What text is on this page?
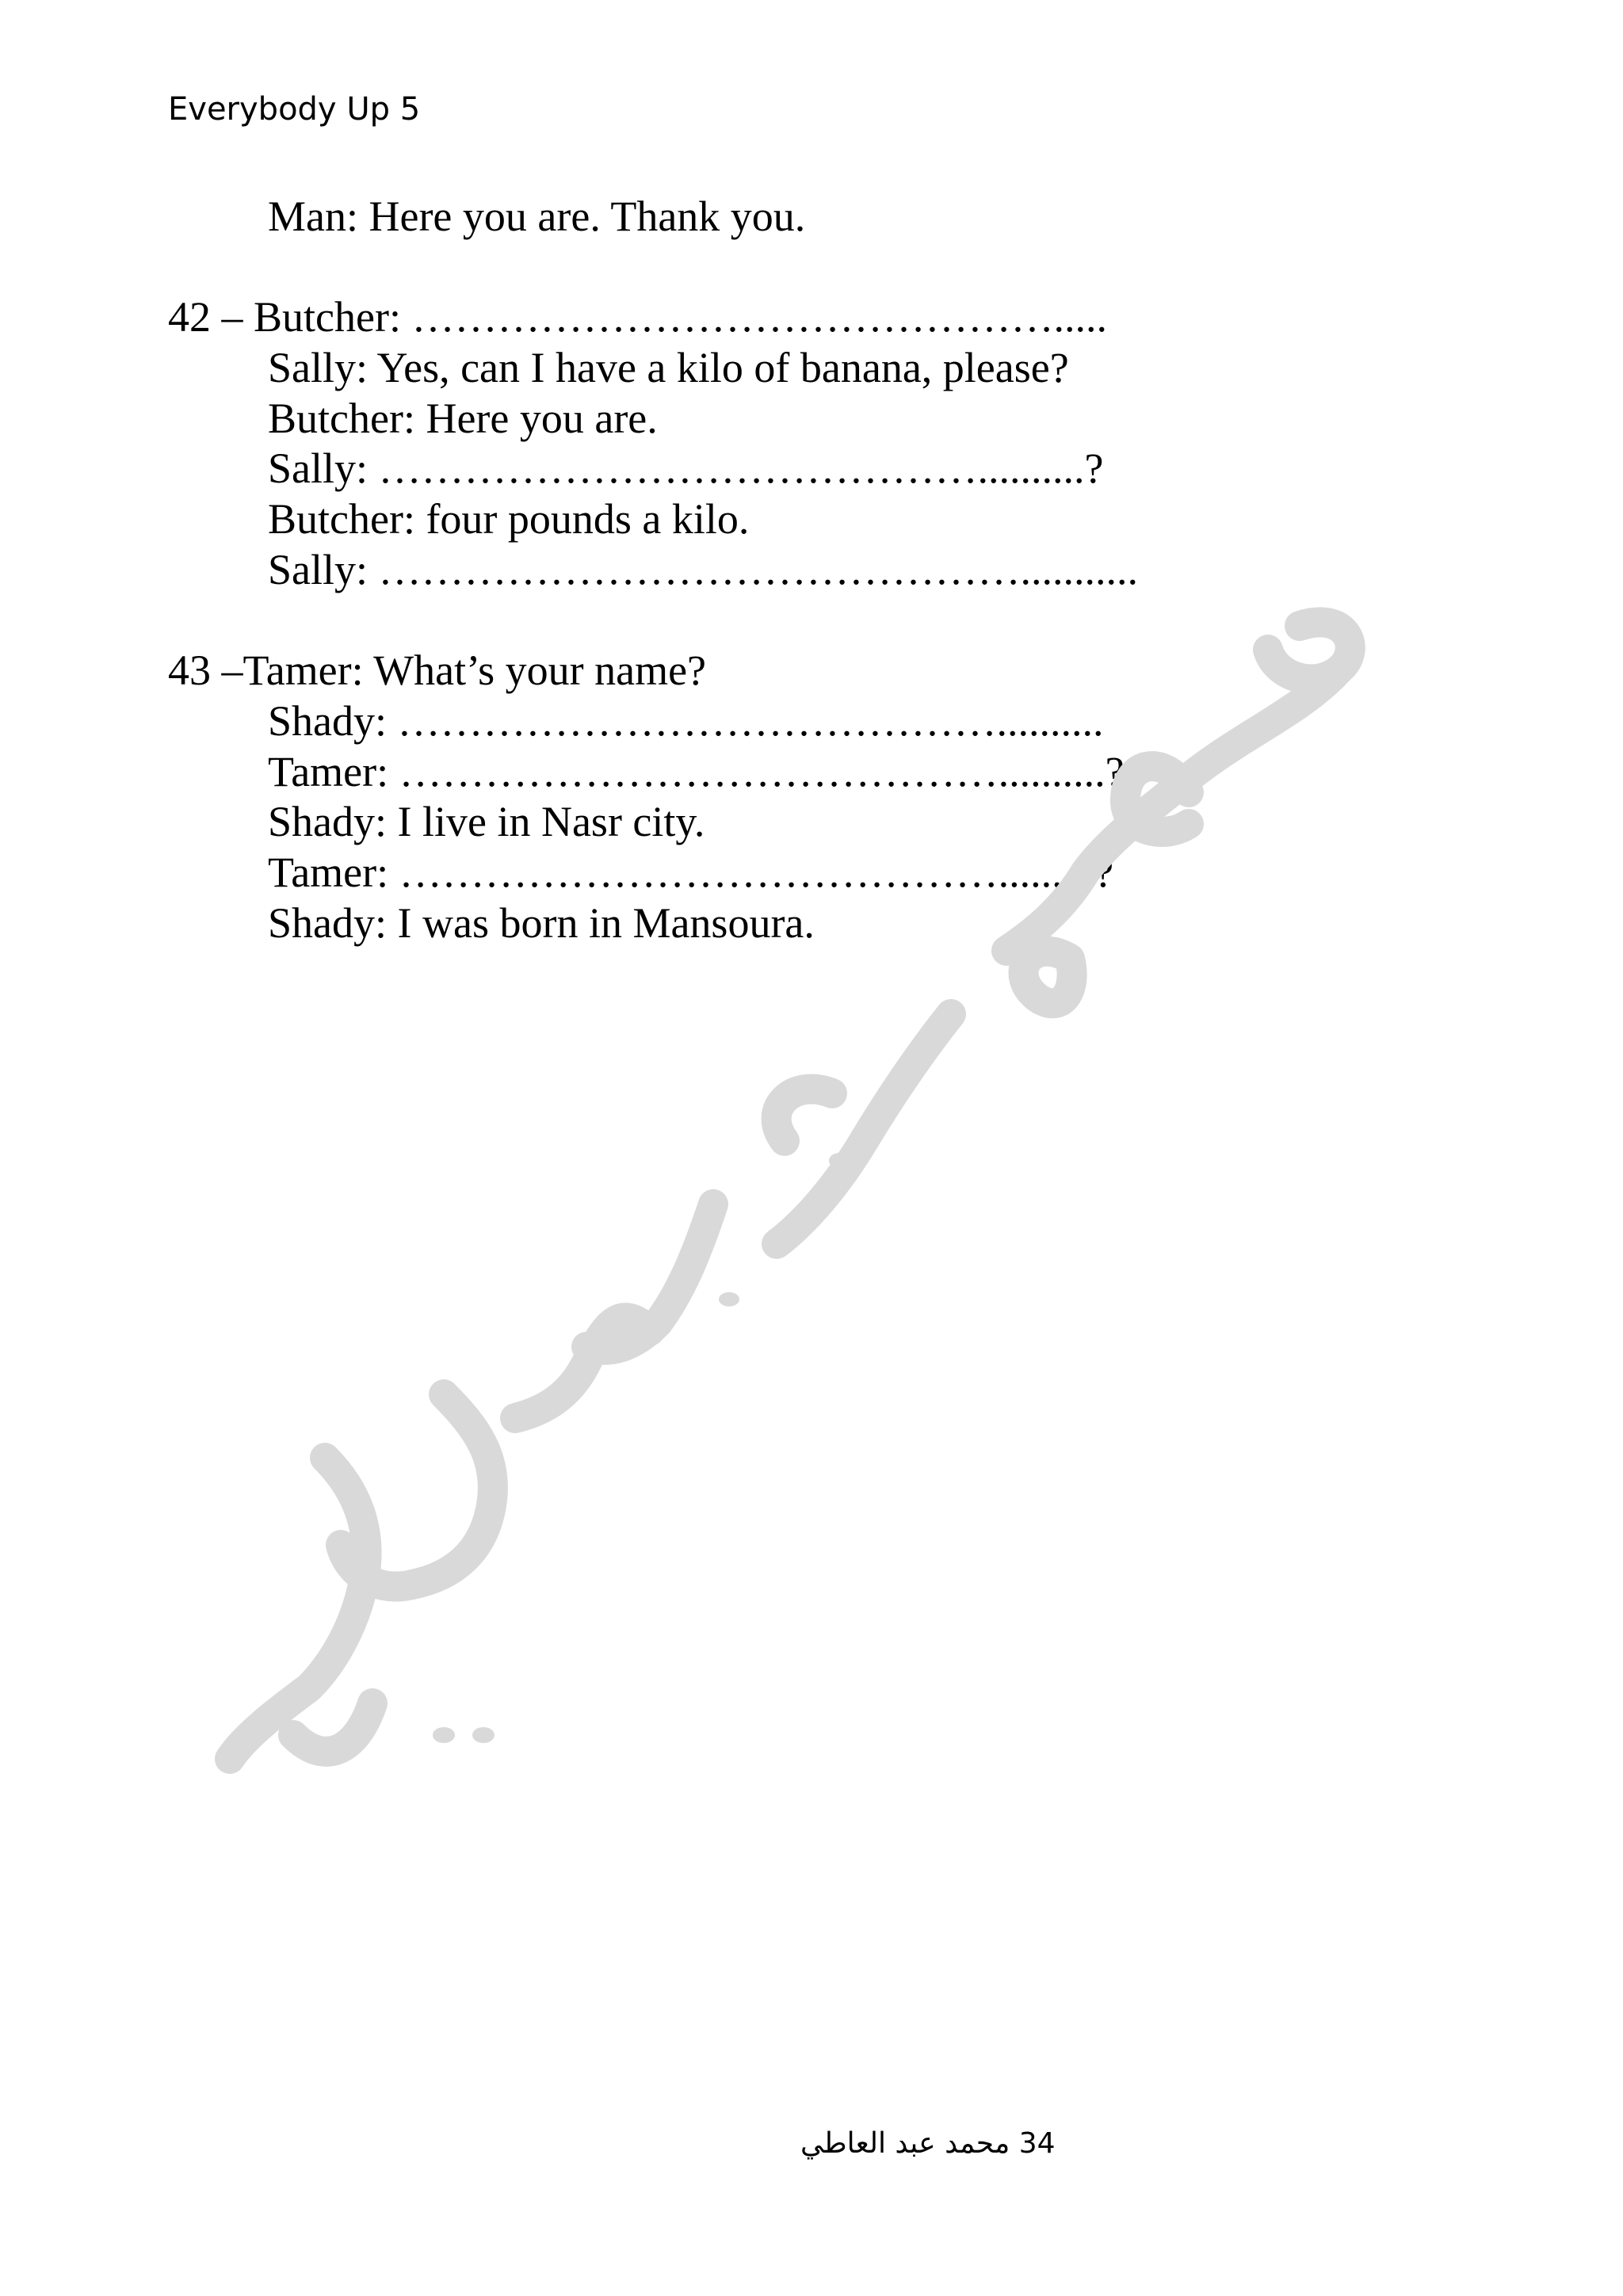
Everybody Up 5
Man: Here you are. Thank you.
42 – Butcher: ……………………………………….....
Sally: Yes, can I have a kilo of banana, please?
Butcher: Here you are.
Sally: ……………………………………..........?
Butcher: four pounds a kilo.
Sally: ………………………………………...........
43 –Tamer: What’s your name?
Shady: ……………………………………..........
Tamer: ……………………………………..........?
Shady: I live in Nasr city.
Tamer: …………………………………….........?
Shady: I was born in Mansoura.
34 محمد عبد العاطي
